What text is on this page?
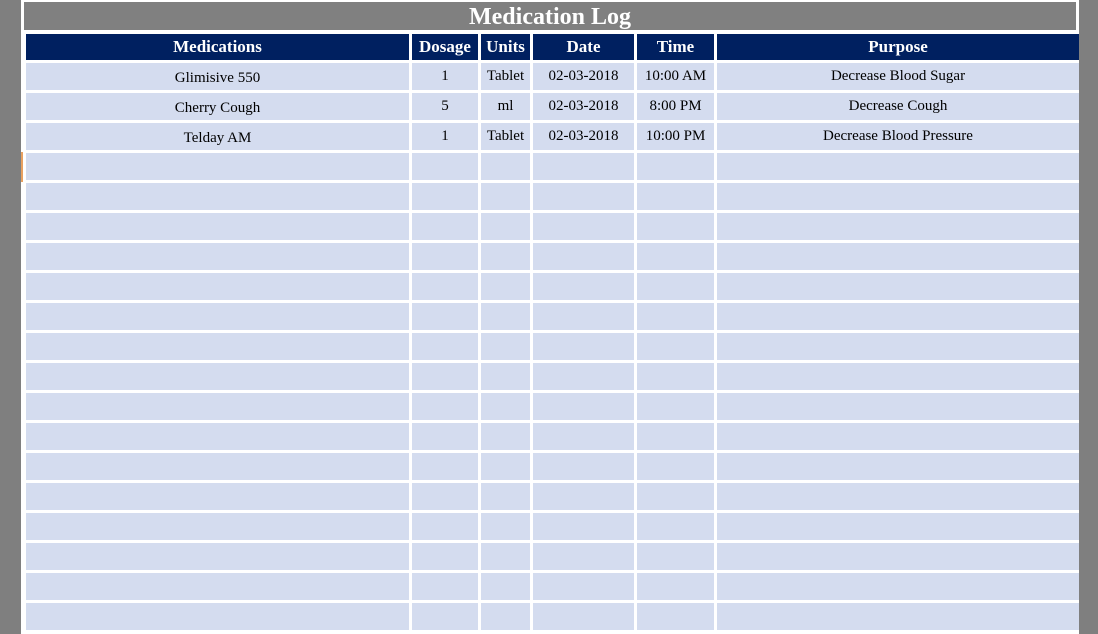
Medication Log
Medications	Dosage	Units	Date	Time	Purpose
Glimisive 550	1	Tablet	02-03-2018	10:00 AM	Decrease Blood Sugar
Cherry Cough	5	ml	02-03-2018	8:00 PM	Decrease Cough
Telday AM	1	Tablet	02-03-2018	10:00 PM	Decrease Blood Pressure
